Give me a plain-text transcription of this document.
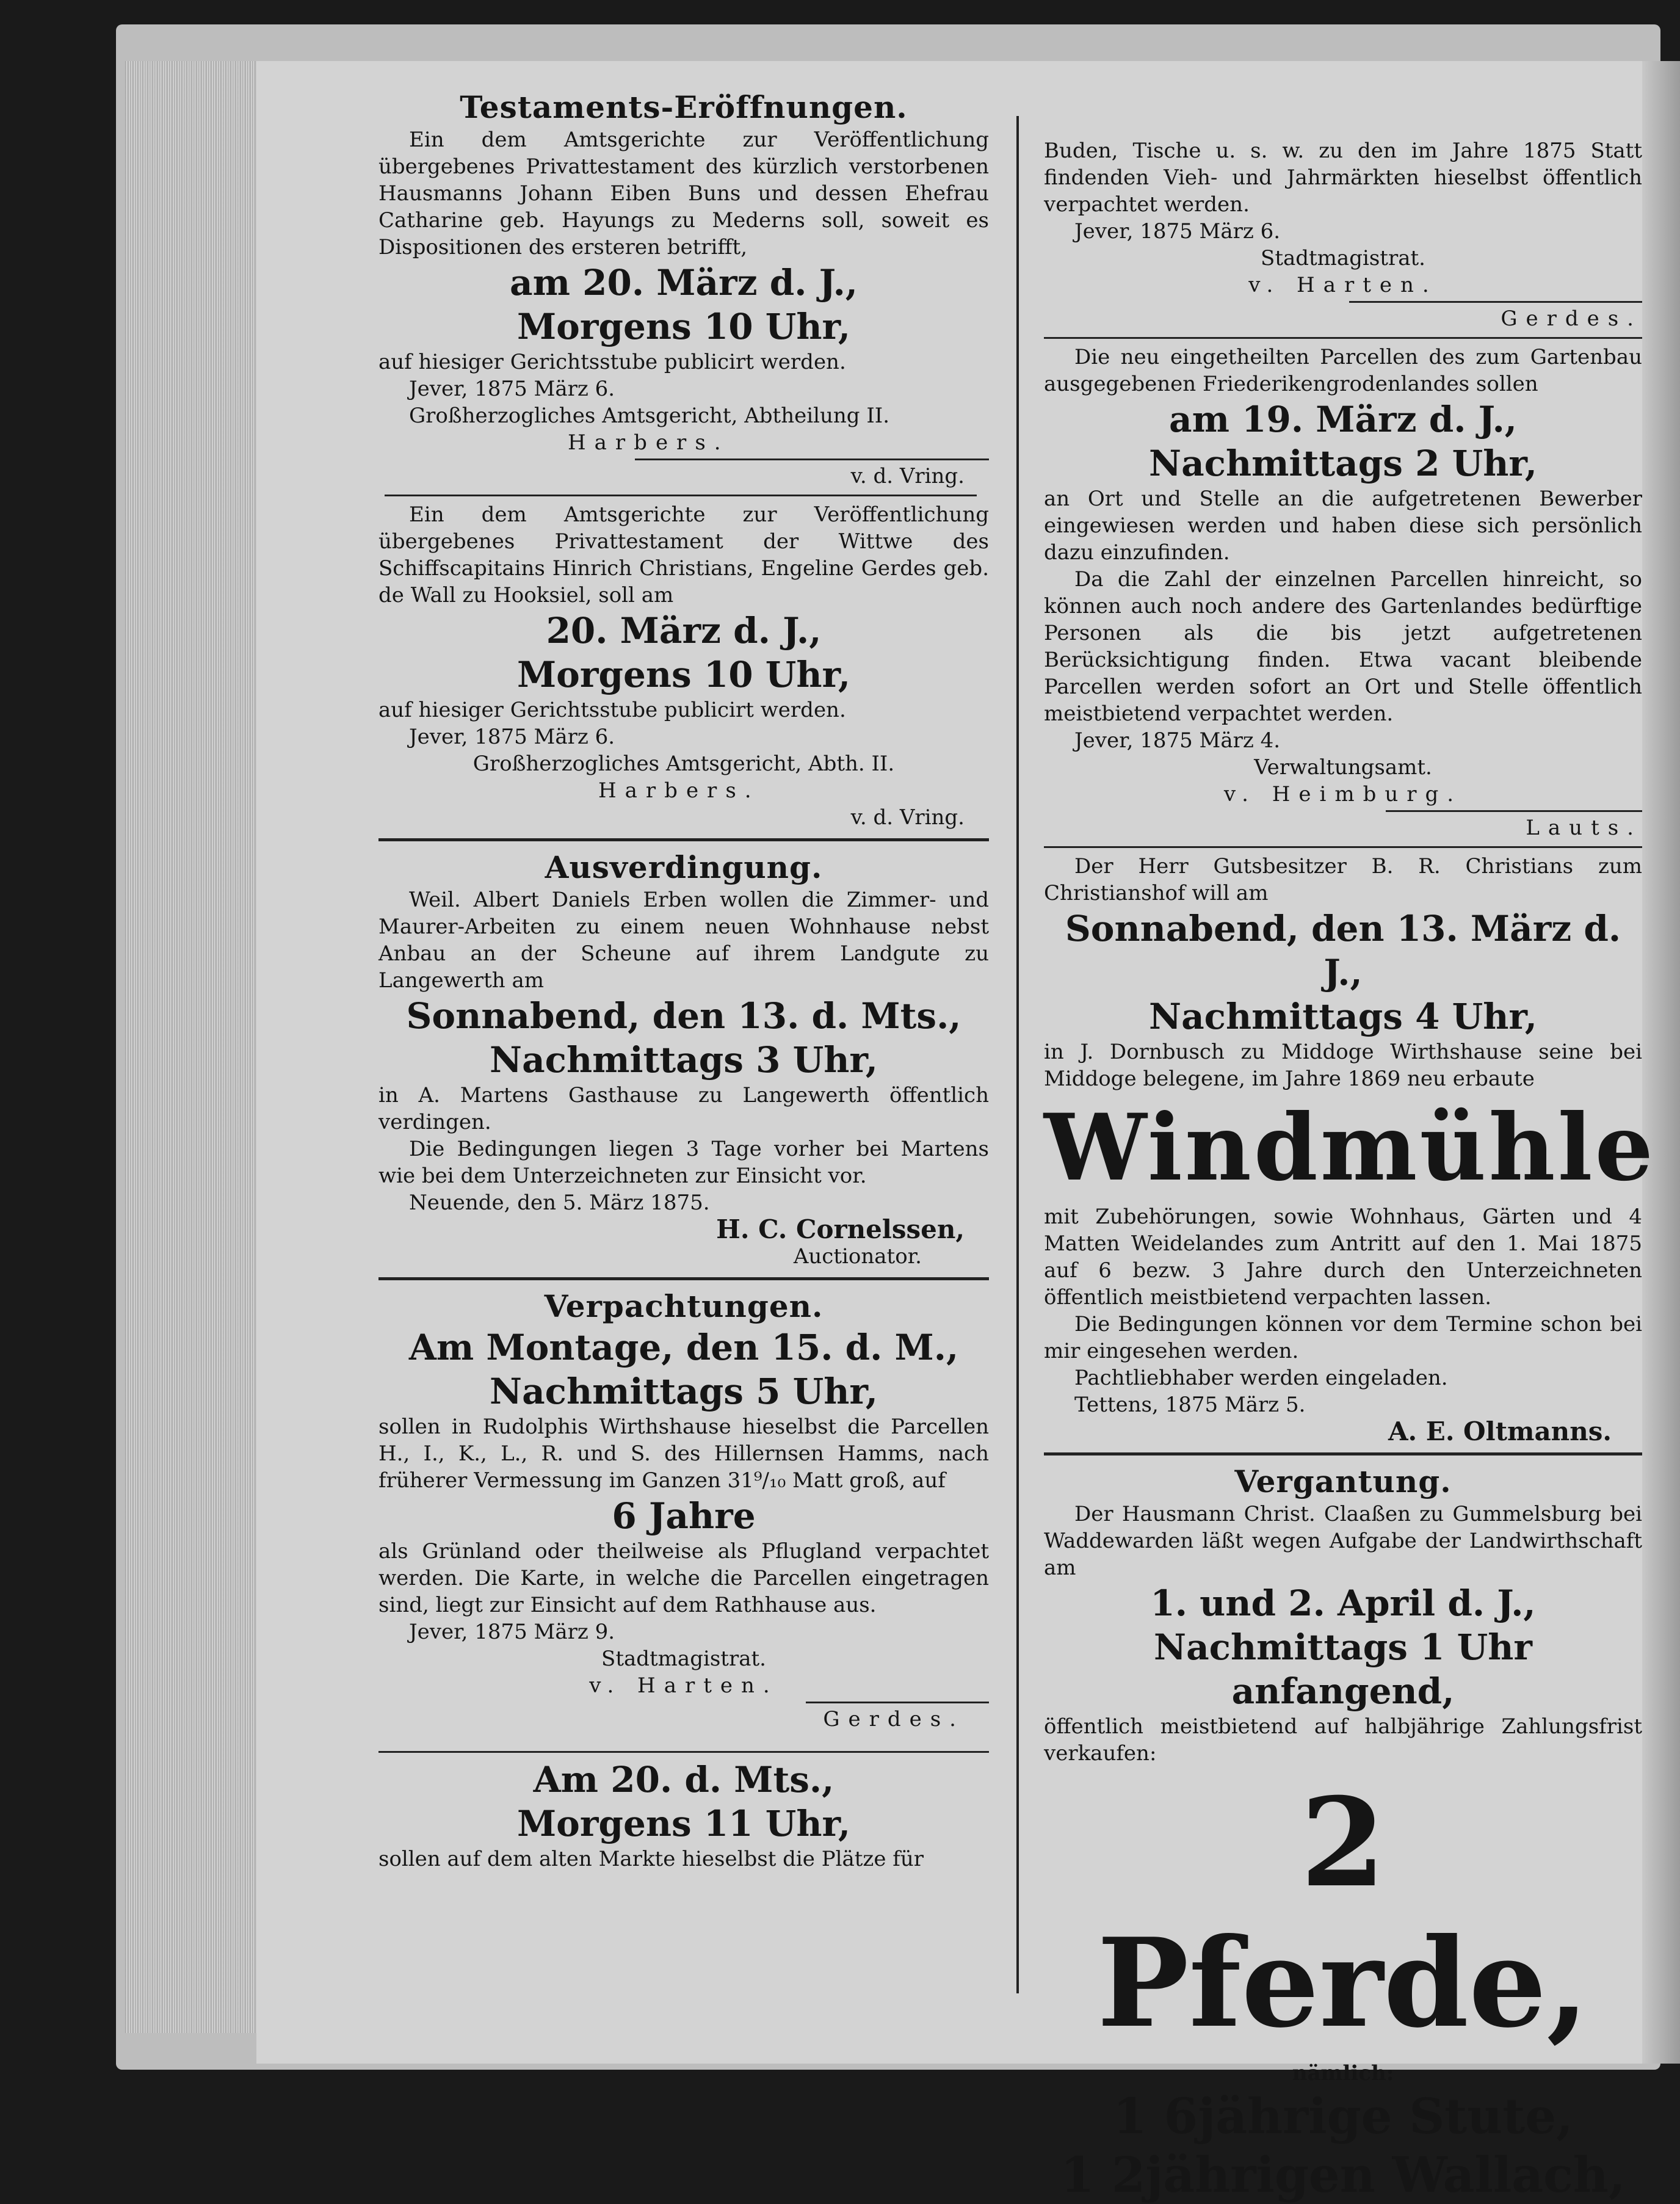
Testaments-Eröffnungen.

Ein dem Amtsgerichte zur Veröffentlichung übergebenes Privattestament des kürzlich verstorbenen Hausmanns Johann Eiben Buns und dessen Ehefrau Catharine geb. Hayungs zu Mederns soll, soweit es Dispositionen des ersteren betrifft,

am 20. März d. J.,

Morgens 10 Uhr,

auf hiesiger Gerichtsstube publicirt werden.

Jever, 1875 März 6.

Großherzogliches Amtsgericht, Abtheilung II.

Harbers.

v. d. Vring.

Ein dem Amtsgerichte zur Veröffentlichung übergebenes Privattestament der Wittwe des Schiffscapitains Hinrich Christians, Engeline Gerdes geb. de Wall zu Hooksiel, soll am

20. März d. J.,

Morgens 10 Uhr,

auf hiesiger Gerichtsstube publicirt werden.

Jever, 1875 März 6.

Großherzogliches Amtsgericht, Abth. II.

Harbers.

v. d. Vring.

Ausverdingung.

Weil. Albert Daniels Erben wollen die Zimmer- und Maurer-Arbeiten zu einem neuen Wohnhause nebst Anbau an der Scheune auf ihrem Landgute zu Langewerth am

Sonnabend, den 13. d. Mts.,

Nachmittags 3 Uhr,

in A. Martens Gasthause zu Langewerth öffentlich verdingen.

Die Bedingungen liegen 3 Tage vorher bei Martens wie bei dem Unterzeichneten zur Einsicht vor.

Neuende, den 5. März 1875.

H. C. Cornelssen,

Auctionator.

Verpachtungen.

Am Montage, den 15. d. M.,

Nachmittags 5 Uhr,

sollen in Rudolphis Wirthshause hieselbst die Parcellen H., I., K., L., R. und S. des Hillernsen Hamms, nach früherer Vermessung im Ganzen 31⁹/₁₀ Matt groß, auf

6 Jahre

als Grünland oder theilweise als Pflugland verpachtet werden. Die Karte, in welche die Parcellen eingetragen sind, liegt zur Einsicht auf dem Rathhause aus.

Jever, 1875 März 9.

Stadtmagistrat.

v. Harten.

Gerdes.

Am 20. d. Mts.,

Morgens 11 Uhr,

sollen auf dem alten Markte hieselbst die Plätze für

Buden, Tische u. s. w. zu den im Jahre 1875 Statt findenden Vieh- und Jahrmärkten hieselbst öffentlich verpachtet werden.

Jever, 1875 März 6.

Stadtmagistrat.

v. Harten.

Gerdes.

Die neu eingetheilten Parcellen des zum Gartenbau ausgegebenen Friederikengrodenlandes sollen

am 19. März d. J.,

Nachmittags 2 Uhr,

an Ort und Stelle an die aufgetretenen Bewerber eingewiesen werden und haben diese sich persönlich dazu einzufinden.

Da die Zahl der einzelnen Parcellen hinreicht, so können auch noch andere des Gartenlandes bedürftige Personen als die bis jetzt aufgetretenen Berücksichtigung finden. Etwa vacant bleibende Parcellen werden sofort an Ort und Stelle öffentlich meistbietend verpachtet werden.

Jever, 1875 März 4.

Verwaltungsamt.

v. Heimburg.

Lauts.

Der Herr Gutsbesitzer B. R. Christians zum Christianshof will am

Sonnabend, den 13. März d. J.,

Nachmittags 4 Uhr,

in J. Dornbusch zu Middoge Wirthshause seine bei Middoge belegene, im Jahre 1869 neu erbaute

Windmühle

mit Zubehörungen, sowie Wohnhaus, Gärten und 4 Matten Weidelandes zum Antritt auf den 1. Mai 1875 auf 6 bezw. 3 Jahre durch den Unterzeichneten öffentlich meistbietend verpachten lassen.

Die Bedingungen können vor dem Termine schon bei mir eingesehen werden.

Pachtliebhaber werden eingeladen.

Tettens, 1875 März 5.

A. E. Oltmanns.

Vergantung.

Der Hausmann Christ. Claaßen zu Gummelsburg bei Waddewarden läßt wegen Aufgabe der Landwirthschaft am

1. und 2. April d. J.,

Nachmittags 1 Uhr anfangend,

öffentlich meistbietend auf halbjährige Zahlungsfrist verkaufen:

2 Pferde,

nämlich:

1 6jährige Stute,

1 2jährigen Wallach,
